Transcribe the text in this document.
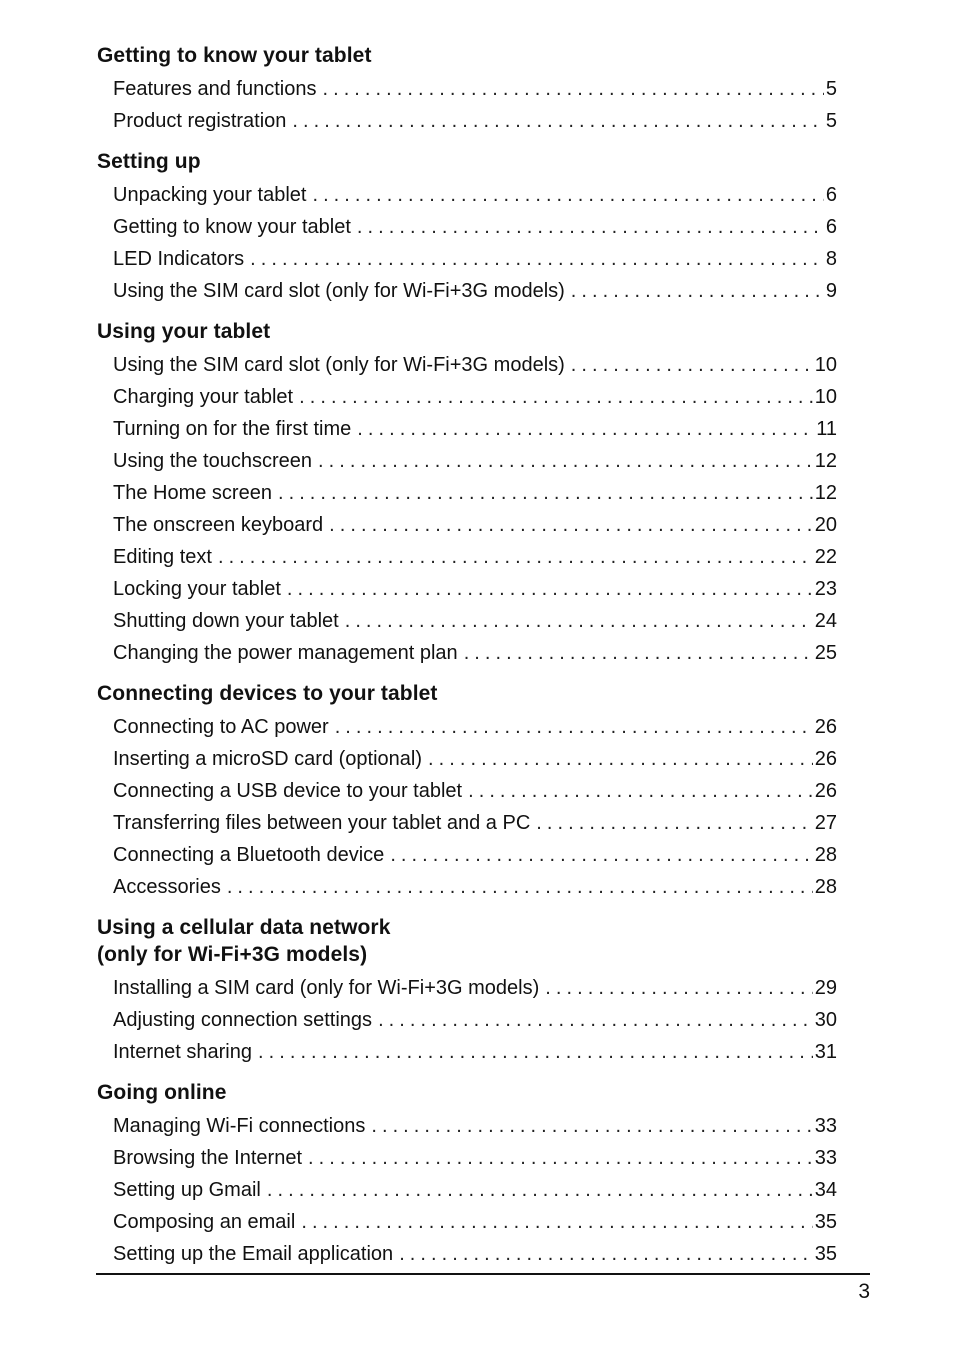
Getting to know your tablet
Features and functions . . .	5
Product registration . . .	5
Setting up
Unpacking your tablet . . .	6
Getting to know your tablet . . .	6
LED Indicators . . .	8
Using the SIM card slot (only for Wi-Fi+3G models) . . .	9
Using your tablet
Using the SIM card slot (only for Wi-Fi+3G models) . . .	10
Charging your tablet . . .	10
Turning on for the first time . . .	11
Using the touchscreen . . .	12
The Home screen . . .	12
The onscreen keyboard . . .	20
Editing text . . .	22
Locking your tablet . . .	23
Shutting down your tablet . . .	24
Changing the power management plan . . .	25
Connecting devices to your tablet
Connecting to AC power . . .	26
Inserting a microSD card (optional) . . .	26
Connecting a USB device to your tablet . . .	26
Transferring files between your tablet and a PC . . .	27
Connecting a Bluetooth device . . .	28
Accessories . . .	28
Using a cellular data network
(only for Wi-Fi+3G models)
Installing a SIM card (only for Wi-Fi+3G models) . . .	29
Adjusting connection settings . . .	30
Internet sharing . . .	31
Going online
Managing Wi-Fi connections . . .	33
Browsing the Internet . . .	33
Setting up Gmail . . .	34
Composing an email . . .	35
Setting up the Email application . . .	35
3
